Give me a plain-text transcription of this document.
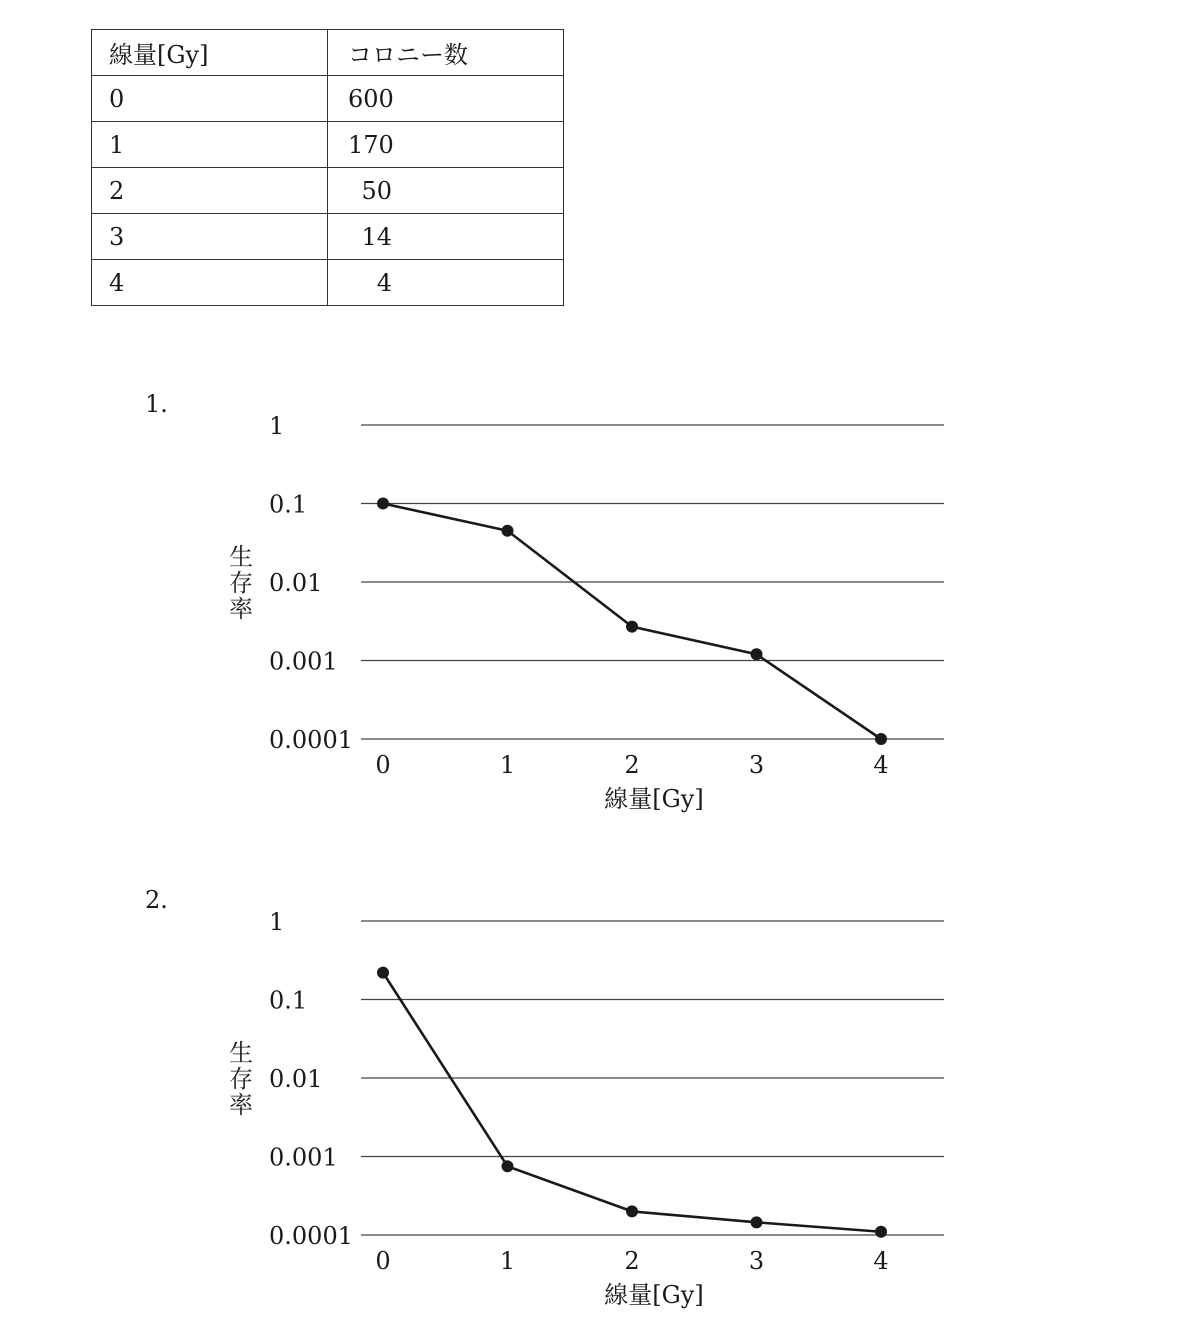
線量[Gy]	コロニー数
0	600
1	170
2	50
3	14
4	4
1.
1
0.1
0.01
0.001
0.0001
0	1	2	3	4
線量[Gy]
生存率
2.
1
0.1
0.01
0.001
0.0001
0	1	2	3	4
線量[Gy]
生存率
